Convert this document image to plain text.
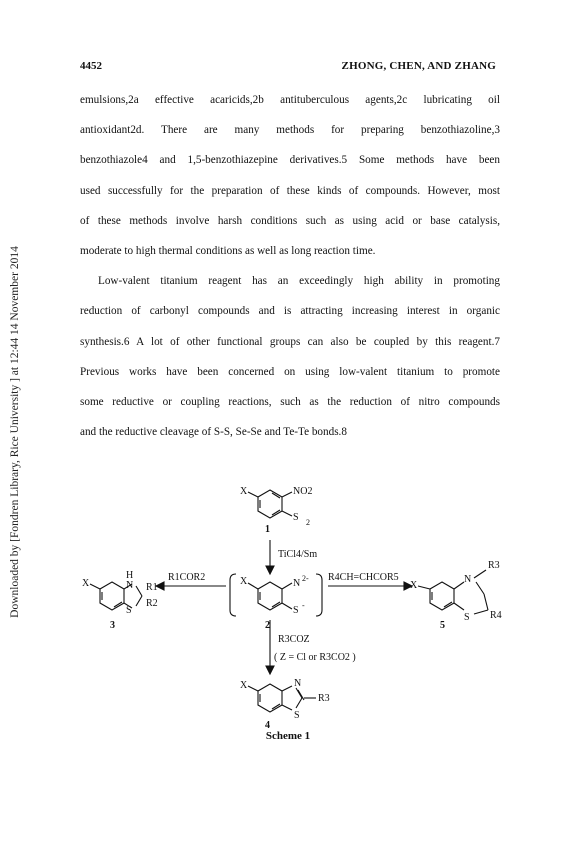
Downloaded by [Fondren Library, Rice University ] at 12:44 14 November 2014
4452	ZHONG, CHEN, AND ZHANG
emulsions,2a effective acaricids,2b antituberculous agents,2c lubricating oil
antioxidant2d. There are many methods for preparing benzothiazoline,3
benzothiazole4 and 1,5-benzothiazepine derivatives.5 Some methods have been
used successfully for the preparation of these kinds of compounds. However, most
of these methods involve harsh conditions such as using acid or base catalysis,
moderate to high thermal conditions as well as long reaction time.
Low-valent titanium reagent has an exceedingly high ability in promoting
reduction of carbonyl compounds and is attracting increasing interest in organic
synthesis.6 A lot of other functional groups can also be coupled by this reagent.7
Previous works have been concerned on using low-valent titanium to promote
some reductive or coupling reactions, such as the reduction of nitro compounds
and the reductive cleavage of S-S, Se-Se and Te-Te bonds.8
X	NO2
S 2
1
TiCl4/Sm
X	N 2-
S -
2
R1COR2	R4CH=CHCOR5
X
H
N R1
R2
S
3
X
N
R3
S R4
5
R3COZ
( Z = Cl or R3CO2 )
X	N
S
R3
4
Scheme 1
